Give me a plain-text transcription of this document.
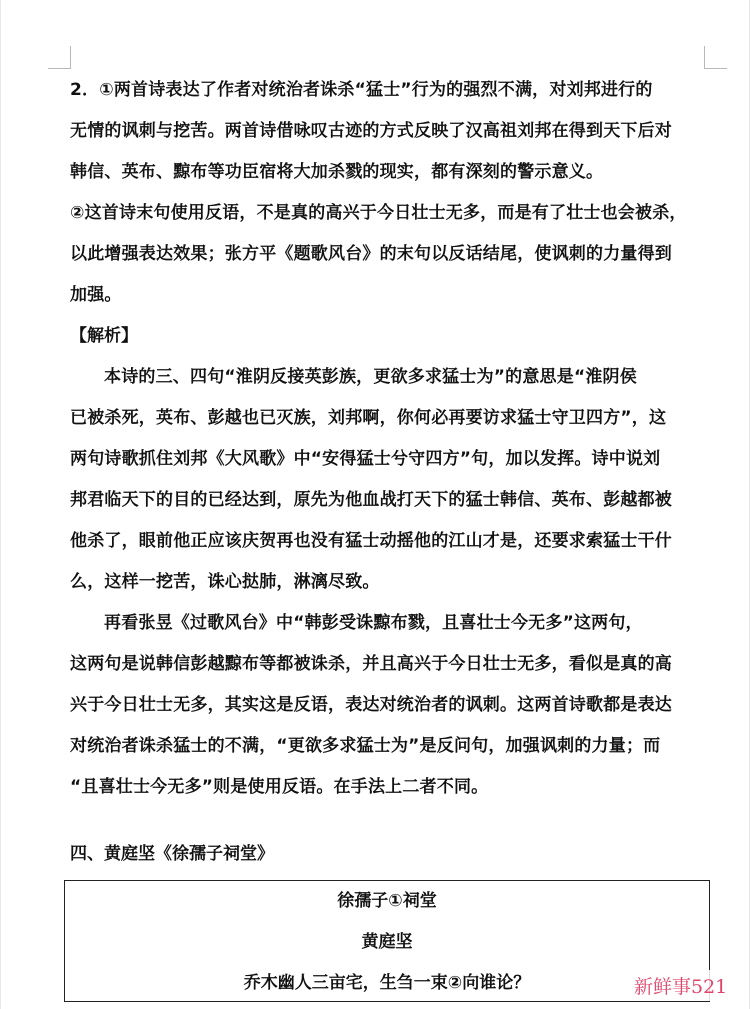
2．①两首诗表达了作者对统治者诛杀“猛士”行为的强烈不满，对刘邦进行的
无情的讽刺与挖苦。两首诗借咏叹古迹的方式反映了汉高祖刘邦在得到天下后对
韩信、英布、黥布等功臣宿将大加杀戮的现实，都有深刻的警示意义。
②这首诗末句使用反语，不是真的高兴于今日壮士无多，而是有了壮士也会被杀，
以此增强表达效果；张方平《题歌风台》的末句以反话结尾，使讽刺的力量得到
加强。
【解析】
本诗的三、四句“淮阴反接英彭族，更欲多求猛士为”的意思是“淮阴侯
已被杀死，英布、彭越也已灭族，刘邦啊，你何必再要访求猛士守卫四方”，这
两句诗歌抓住刘邦《大风歌》中“安得猛士兮守四方”句，加以发挥。诗中说刘
邦君临天下的目的已经达到，原先为他血战打天下的猛士韩信、英布、彭越都被
他杀了，眼前他正应该庆贺再也没有猛士动摇他的江山才是，还要求索猛士干什
么，这样一挖苦，诛心挞肺，淋漓尽致。
再看张昱《过歌风台》中“韩彭受诛黥布戮，且喜壮士今无多”这两句，
这两句是说韩信彭越黥布等都被诛杀，并且高兴于今日壮士无多，看似是真的高
兴于今日壮士无多，其实这是反语，表达对统治者的讽刺。这两首诗歌都是表达
对统治者诛杀猛士的不满，“更欲多求猛士为”是反问句，加强讽刺的力量；而
“且喜壮士今无多”则是使用反语。在手法上二者不同。
四、黄庭坚《徐孺子祠堂》
徐孺子①祠堂
黄庭坚
乔木幽人三亩宅，生刍一束②向谁论？	新鲜事521
